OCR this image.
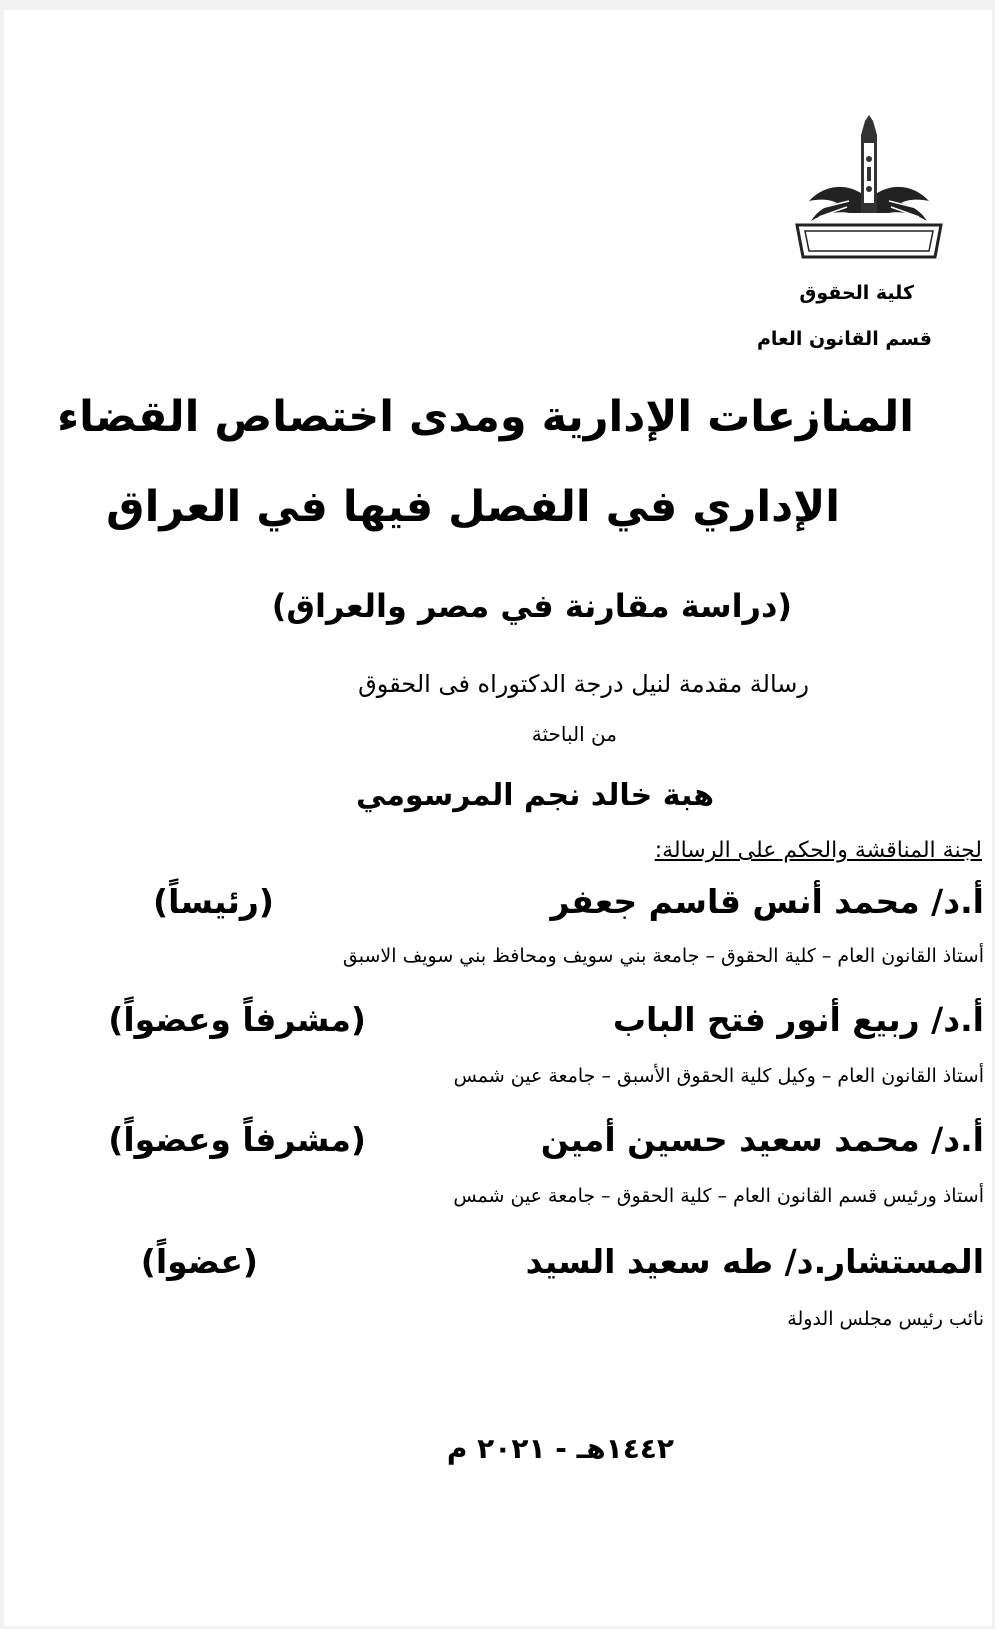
كلية الحقوق
قسم القانون العام
المنازعات الإدارية ومدى اختصاص القضاء
الإداري في الفصل فيها في العراق
(دراسة مقارنة في مصر والعراق)
رسالة مقدمة لنيل درجة الدكتوراه فى الحقوق
من الباحثة
هبة خالد نجم المرسومي
لجنة المناقشة والحكم على الرسالة:
أ.د/ محمد أنس قاسم جعفر
(رئيساً)
أستاذ القانون العام – كلية الحقوق – جامعة بني سويف ومحافظ بني سويف الاسبق
أ.د/ ربيع أنور فتح الباب
(مشرفاً وعضواً)
أستاذ القانون العام – وكيل كلية الحقوق الأسبق – جامعة عين شمس
أ.د/ محمد سعيد حسين أمين
(مشرفاً وعضواً)
أستاذ ورئيس قسم القانون العام – كلية الحقوق – جامعة عين شمس
المستشار.د/ طه سعيد السيد
(عضواً)
نائب رئيس مجلس الدولة
١٤٤٢هـ - ٢٠٢١ م
